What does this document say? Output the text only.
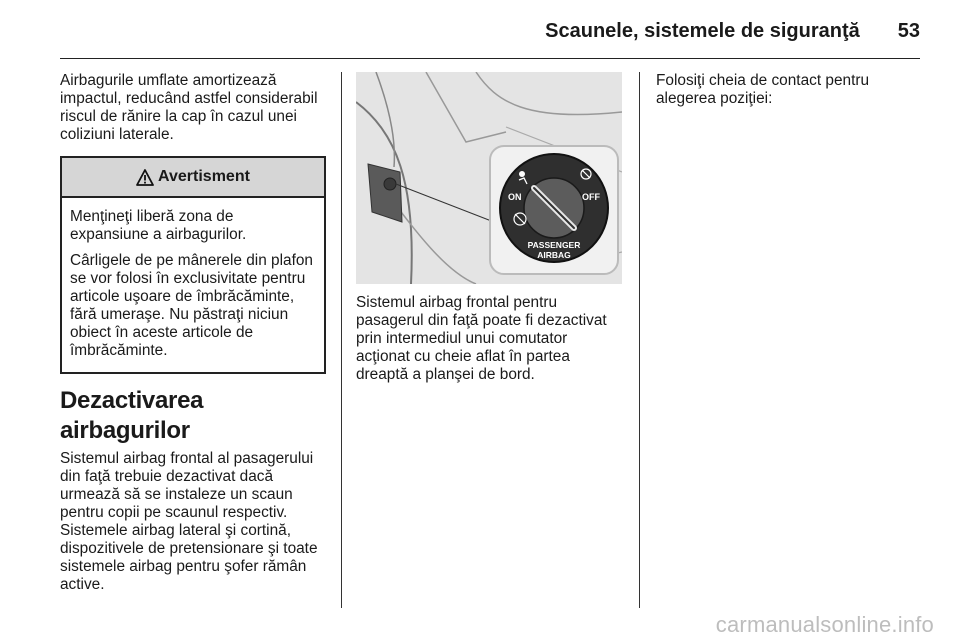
Scaunele, sistemele de siguranţă 53

Airbagurile umflate amortizează impactul, reducând astfel considerabil riscul de rănire la cap în cazul unei coliziuni laterale.

Avertisment

Menţineţi liberă zona de expansiune a airbagurilor.

Cârligele de pe mânerele din plafon se vor folosi în exclusivitate pentru articole uşoare de îmbrăcăminte, fără umeraşe. Nu păstraţi niciun obiect în aceste articole de îmbrăcăminte.

Dezactivarea airbagurilor

Sistemul airbag frontal al pasagerului din faţă trebuie dezactivat dacă urmează să se instaleze un scaun pentru copii pe scaunul respectiv. Sistemele airbag lateral şi cortină, dispozitivele de pretensionare şi toate sistemele airbag pentru şofer rămân active.

ON	OFF
PASSENGER
AIRBAG

Sistemul airbag frontal pentru pasagerul din faţă poate fi dezactivat prin intermediul unui comutator acţionat cu cheie aflat în partea dreaptă a planşei de bord.

Folosiţi cheia de contact pentru alegerea poziţiei:

carmanualsonline.info
